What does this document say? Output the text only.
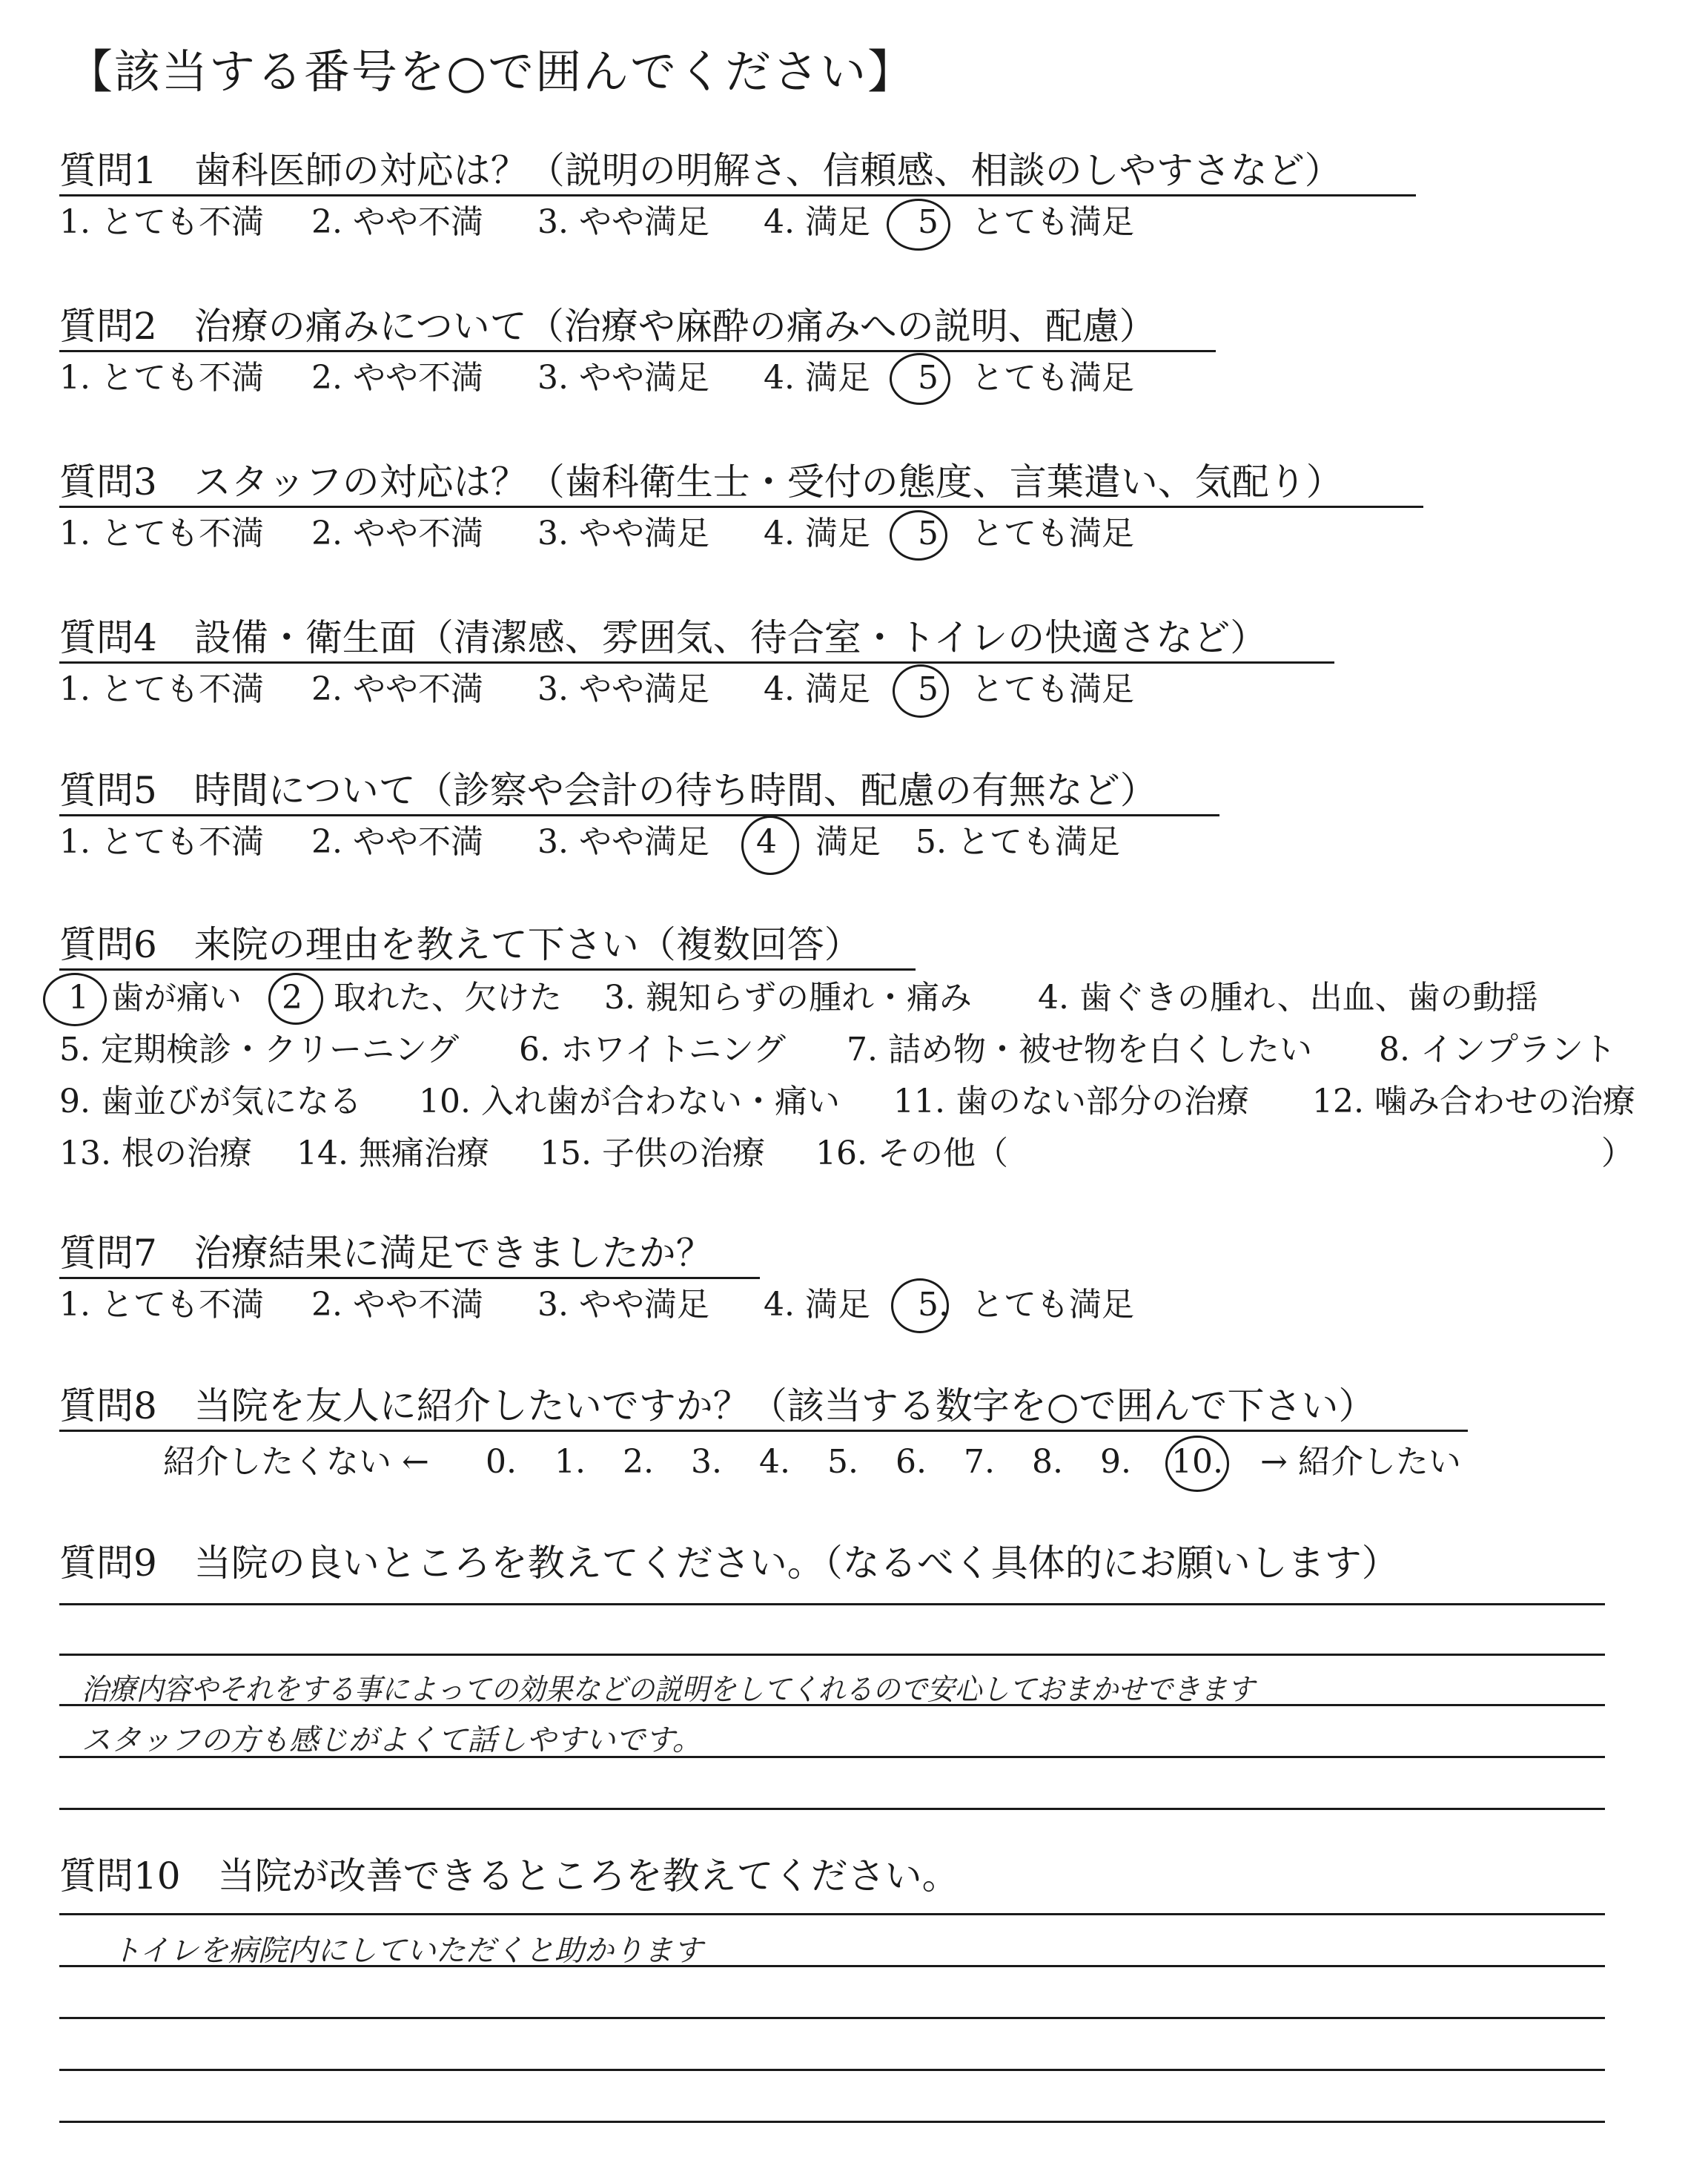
【該当する番号を○で囲んでください】
質問1　歯科医師の対応は？（説明の明解さ、信頼感、相談のしやすさなど）
1. とても不満 2. やや不満 3. やや満足 4. 満足 5 とても満足
質問2　治療の痛みについて（治療や麻酔の痛みへの説明、配慮）
1. とても不満 2. やや不満 3. やや満足 4. 満足 5 とても満足
質問3　スタッフの対応は？（歯科衛生士・受付の態度、言葉遣い、気配り）
1. とても不満 2. やや不満 3. やや満足 4. 満足 5 とても満足
質問4　設備・衛生面（清潔感、雰囲気、待合室・トイレの快適さなど）
1. とても不満 2. やや不満 3. やや満足 4. 満足 5 とても満足
質問5　時間について（診察や会計の待ち時間、配慮の有無など）
1. とても不満 2. やや不満 3. やや満足 4 満足 5. とても満足
質問6　来院の理由を教えて下さい（複数回答）
1 歯が痛い 2 取れた、欠けた 3. 親知らずの腫れ・痛み 4. 歯ぐきの腫れ、出血、歯の動揺
5. 定期検診・クリーニング 6. ホワイトニング 7. 詰め物・被せ物を白くしたい 8. インプラント
9. 歯並びが気になる 10. 入れ歯が合わない・痛い 11. 歯のない部分の治療 12. 噛み合わせの治療
13. 根の治療 14. 無痛治療 15. 子供の治療 16. その他（	）
質問7　治療結果に満足できましたか？
1. とても不満 2. やや不満 3. やや満足 4. 満足 5. とても満足
質問8　当院を友人に紹介したいですか？（該当する数字を○で囲んで下さい）
紹介したくない ← 0. 1. 2. 3. 4. 5. 6. 7. 8. 9. 10. → 紹介したい
質問9　当院の良いところを教えてください。（なるべく具体的にお願いします）
治療内容やそれをする事によっての効果などの説明をしてくれるので安心しておまかせできます
スタッフの方も感じがよくて話しやすいです。
質問10　当院が改善できるところを教えてください。
トイレを病院内にしていただくと助かります
